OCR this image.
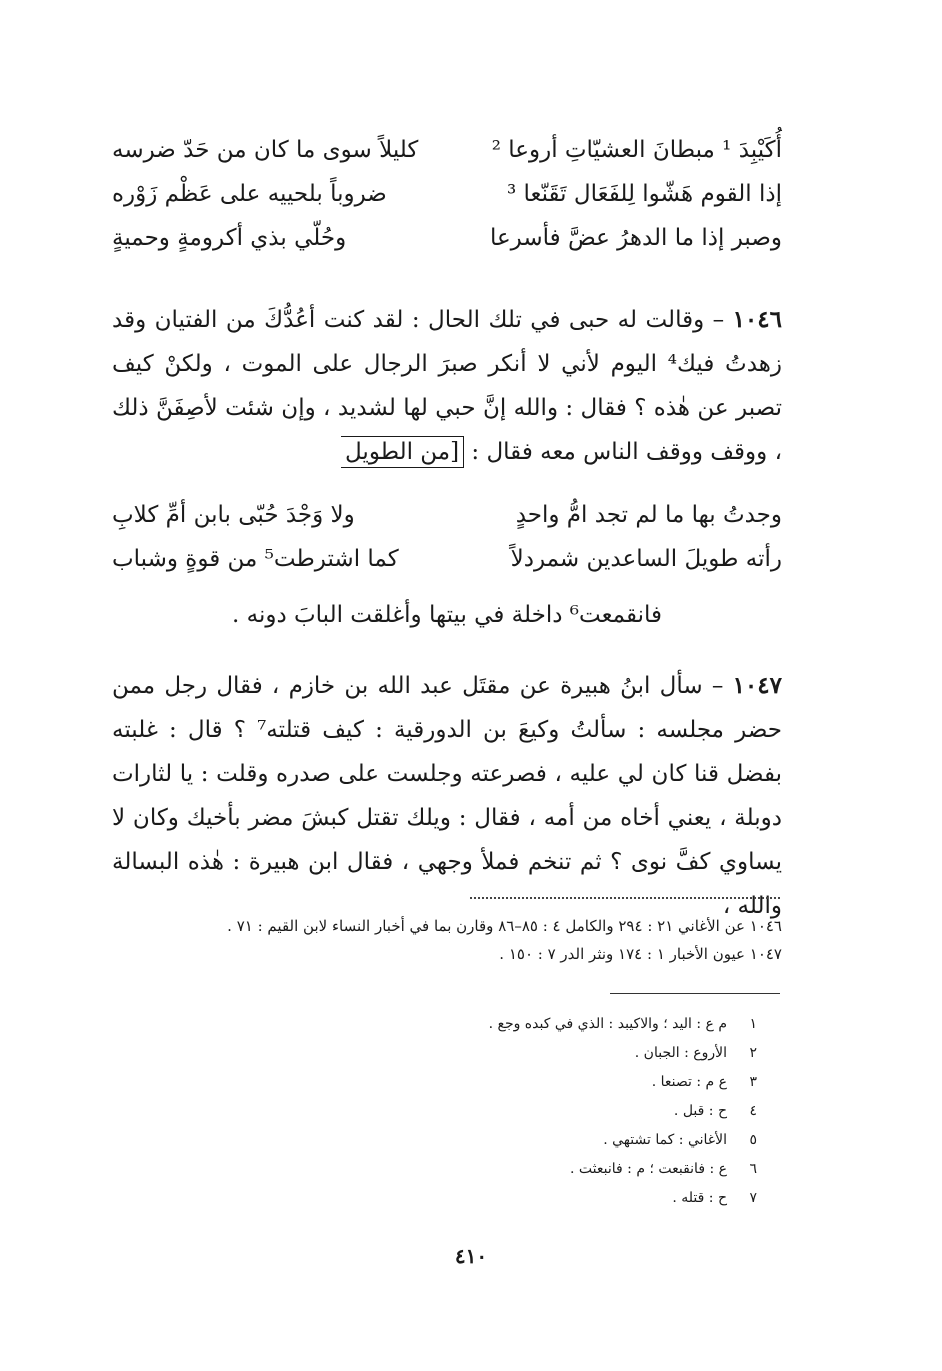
أُكَيْبِدَ ¹ مبطانَ العشيّاتِ أروعا ²
كليلاً سوى ما كان من حَدّ ضرسه
إذا القوم هَشّوا لِلفَعَال تَقَنّعا ³
ضروباً بلحييه على عَظْم زَوْره
وصبر إذا ما الدهرُ عضَّ فأسرعا
وحُلّي بذي أكرومةٍ وحميةٍ

١٠٤٦ – وقالت له حبى في تلك الحال : لقد كنت أعُدُّكَ من الفتيان وقد زهدتُ فيك⁴ اليوم لأني لا أنكر صبرَ الرجال على الموت ، ولكنْ كيف تصبر عن هٰذه ؟ فقال : والله إنَّ حبي لها لشديد ، وإن شئت لأصِفَنَّ ذلك ، ووقف ووقف الناس معه فقال : [من الطويل

وجدتُ بها ما لم تجد امُّ واحدٍ
ولا وَجْدَ حُبّى بابن أمِّ كلابِ
رأته طويلَ الساعدين شمردلاً
كما اشترطت⁵ من قوةٍ وشباب
فانقمعت⁶ داخلة في بيتها وأغلقت البابَ دونه .

١٠٤٧ – سأل ابنُ هبيرة عن مقتَل عبد الله بن خازم ، فقال رجل ممن حضر مجلسه : سألتُ وكيعَ بن الدورقية : كيف قتلته⁷ ؟ قال : غلبته بفضل قنا كان لي عليه ، فصرعته وجلست على صدره وقلت : يا لثارات دوبلة ، يعني أخاه من أمه ، فقال : ويلك تقتل كبشَ مضر بأخيك وكان لا يساوي كفَّ نوى ؟ ثم تنخم فملأ وجهي ، فقال ابن هبيرة : هٰذه البسالة والله ،

١٠٤٦ عن الأغاني ٢١ : ٢٩٤ والكامل ٤ : ٨٥–٨٦ وقارن بما في أخبار النساء لابن القيم : ٧١ .
١٠٤٧ عيون الأخبار ١ : ١٧٤ ونثر الدر ٧ : ١٥٠ .
١
م ع : اليد ؛ والاكيبد : الذي في كبده وجع .
٢
الأروع : الجبان .
٣
ع م : تصنعا .
٤
ح : قبل .
٥
الأغاني : كما تشتهي .
٦
ع : فانقبعت ؛ م : فانبعثت .
٧
ح : قتله .
٤١٠
